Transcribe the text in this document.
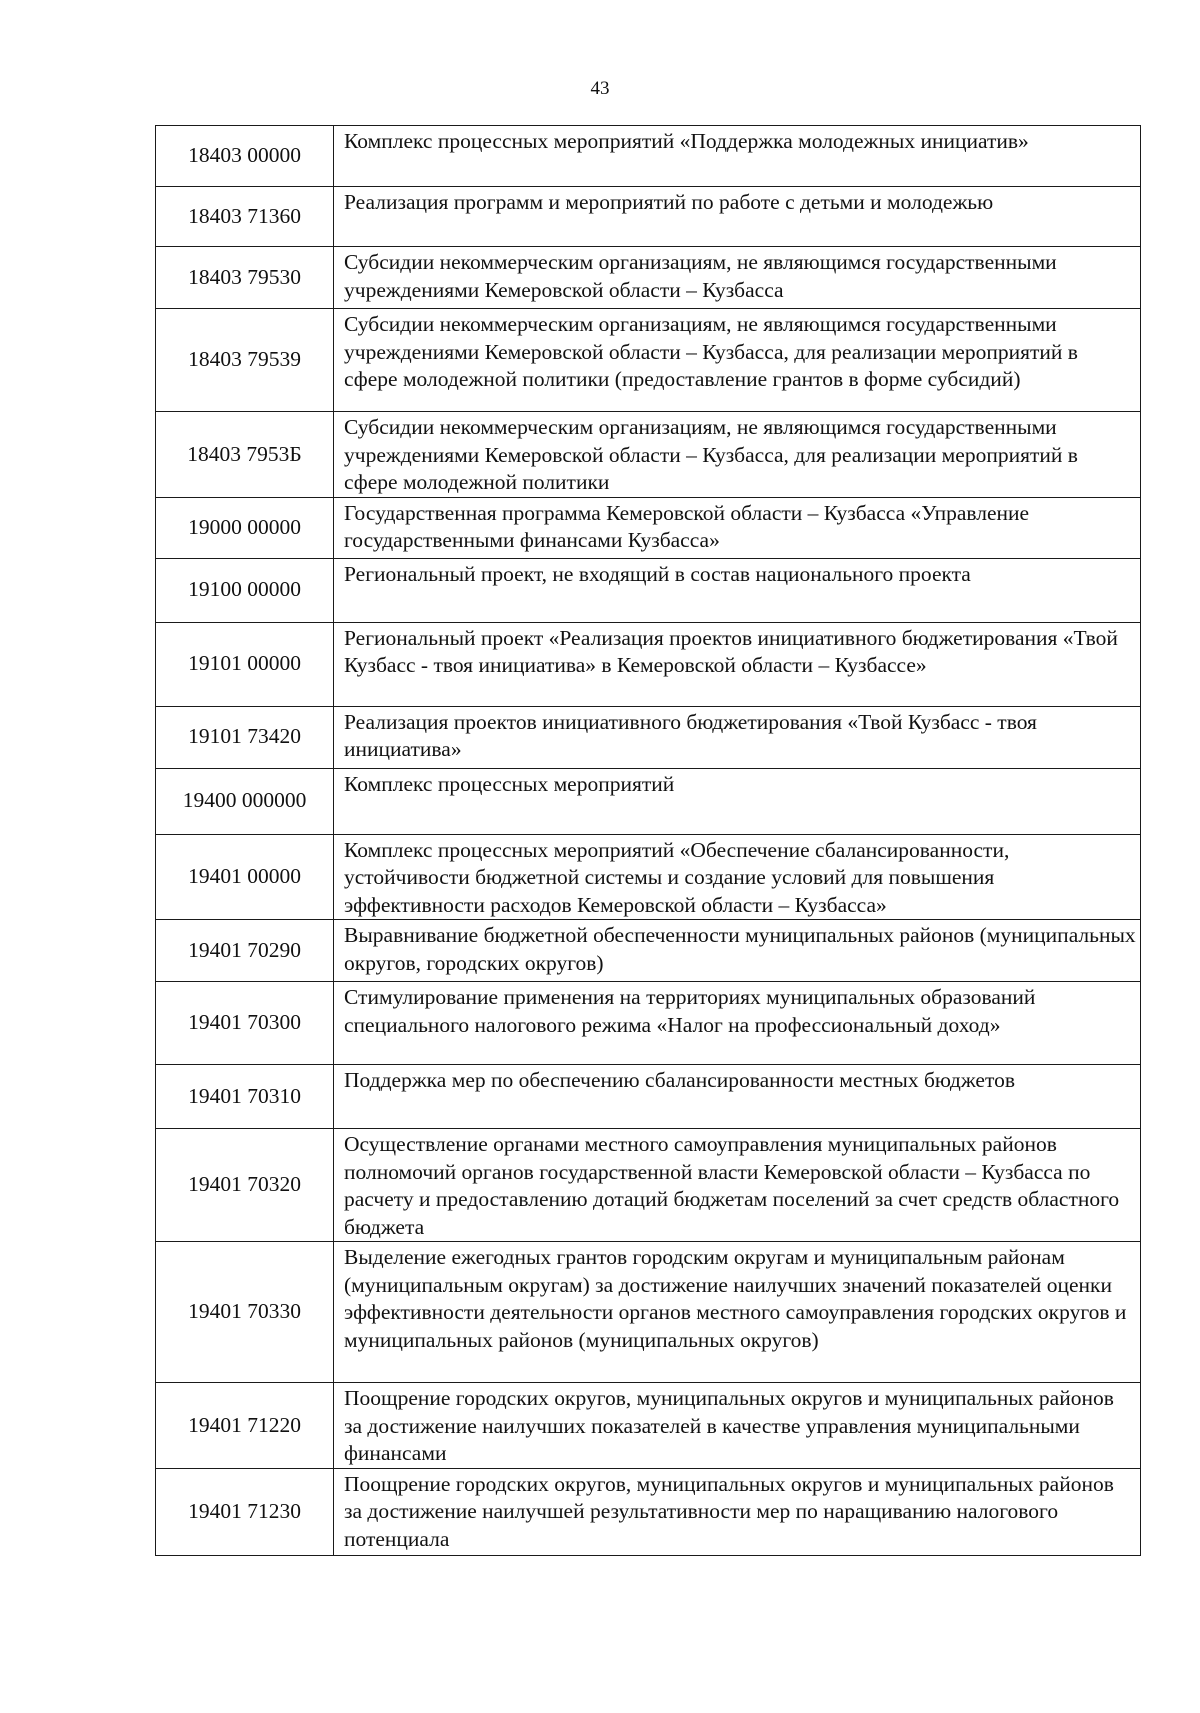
43
18403 00000	Комплекс процессных мероприятий «Поддержка молодежных инициатив»
18403 71360	Реализация программ и мероприятий по работе с детьми и молодежью
18403 79530	Субсидии некоммерческим организациям, не являющимся государственными учреждениями Кемеровской области – Кузбасса
18403 79539	Субсидии некоммерческим организациям, не являющимся государственными учреждениями Кемеровской области – Кузбасса, для реализации мероприятий в сфере молодежной политики (предоставление грантов в форме субсидий)
18403 7953Б	Субсидии некоммерческим организациям, не являющимся государственными учреждениями Кемеровской области – Кузбасса, для реализации мероприятий в сфере молодежной политики
19000 00000	Государственная программа Кемеровской области – Кузбасса «Управление государственными финансами Кузбасса»
19100 00000	Региональный проект, не входящий в состав национального проекта
19101 00000	Региональный проект «Реализация проектов инициативного бюджетирования «Твой Кузбасс - твоя инициатива» в Кемеровской области – Кузбассе»
19101 73420	Реализация проектов инициативного бюджетирования «Твой Кузбасс - твоя инициатива»
19400 000000	Комплекс процессных мероприятий
19401 00000	Комплекс процессных мероприятий «Обеспечение сбалансированности, устойчивости бюджетной системы и создание условий для повышения эффективности расходов Кемеровской области – Кузбасса»
19401 70290	Выравнивание бюджетной обеспеченности муниципальных районов (муниципальных округов, городских округов)
19401 70300	Стимулирование применения на территориях муниципальных образований специального налогового режима «Налог на профессиональный доход»
19401 70310	Поддержка мер по обеспечению сбалансированности местных бюджетов
19401 70320	Осуществление органами местного самоуправления муниципальных районов полномочий органов государственной власти Кемеровской области – Кузбасса по расчету и предоставлению дотаций бюджетам поселений за счет средств областного бюджета
19401 70330	Выделение ежегодных грантов городским округам и муниципальным районам (муниципальным округам) за достижение наилучших значений показателей оценки эффективности деятельности органов местного самоуправления городских округов и муниципальных районов (муниципальных округов)
19401 71220	Поощрение городских округов, муниципальных округов и муниципальных районов за достижение наилучших показателей в качестве управления муниципальными финансами
19401 71230	Поощрение городских округов, муниципальных округов и муниципальных районов за достижение наилучшей результативности мер по наращиванию налогового потенциала
